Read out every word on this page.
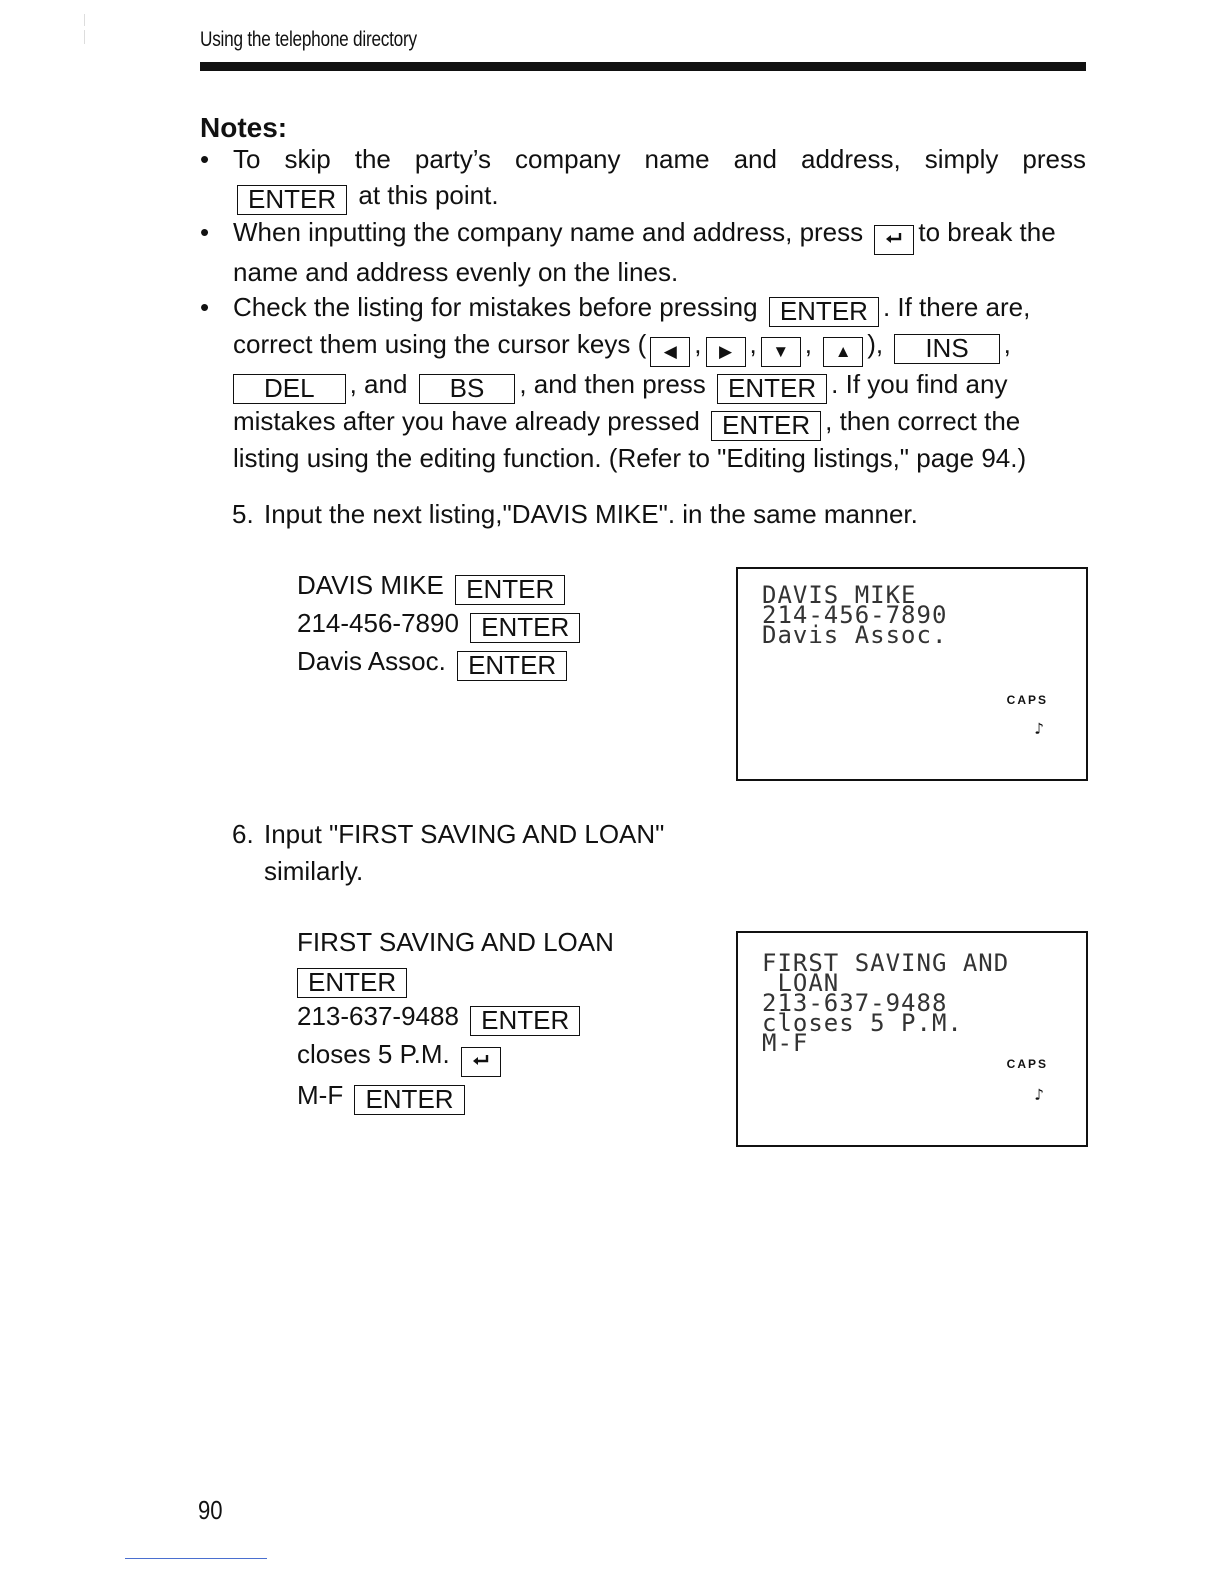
Using the telephone directory
Notes:
• To skip the party’s company name and address, simply press
ENTER at this point.
• When inputting the company name and address, press to break the
name and address evenly on the lines.
• Check the listing for mistakes before pressing ENTER . If there are,
correct them using the cursor keys ( ◀ , ▶ , ▼ , ▲ ), INS ,
DEL , and BS , and then press ENTER . If you find any
mistakes after you have already pressed ENTER , then correct the
listing using the editing function. (Refer to "Editing listings," page 94.)
5. Input the next listing,"DAVIS MIKE". in the same manner.
DAVIS MIKE ENTER
214-456-7890 ENTER
Davis Assoc. ENTER
DAVIS MIKE
214-456-7890
Davis Assoc.
CAPS
♪
6. Input "FIRST SAVING AND LOAN"
similarly.
FIRST SAVING AND LOAN
ENTER
213-637-9488 ENTER
closes 5 P.M.
M-F ENTER
FIRST SAVING AND
LOAN
213-637-9488
closes 5 P.M.
M-F
CAPS
♪
90
